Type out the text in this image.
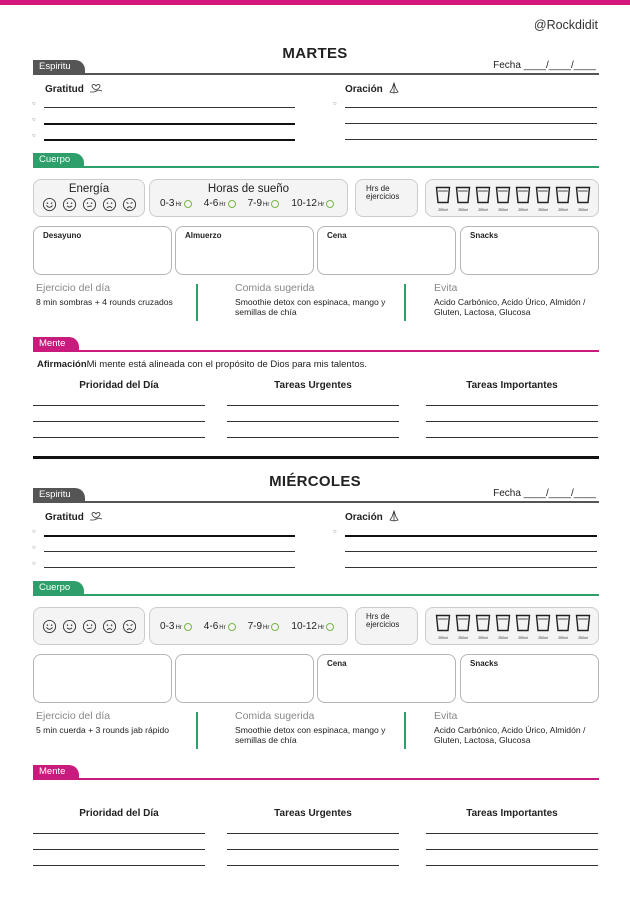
@Rockdidit
MARTES
Fecha ____/____/____
Espiritu
Gratitud	Oración
○
○
○
○
Cuerpo
Energía	Horas de sueño
0-3 Hr 4-6 Hr 7-9 Hr 10-12 Hr
Hrs de ejercicios
250ml	250ml	250ml	250ml	250ml	250ml	250ml	250ml
Desayuno	Almuerzo	Cena	Snacks
Ejercicio del día
8 min sombras + 4 rounds cruzados
Comida sugerida
Smoothie detox con espinaca, mango y semillas de chía
Evita
Acido Carbónico, Acido Úrico, Almidón / Gluten, Lactosa, Glucosa
Mente
AfirmaciónMi mente está alineada con el propósito de Dios para mis talentos.
Prioridad del Día	Tareas Urgentes	Tareas Importantes
MIÉRCOLES
Fecha ____/____/____
Espiritu
Gratitud	Oración
○
○
○
○
Cuerpo
0-3 Hr 4-6 Hr 7-9 Hr 10-12 Hr
Hrs de ejercicios
250ml	250ml	250ml	250ml	250ml	250ml	250ml	250ml
Cena	Snacks
Ejercicio del día
5 min cuerda + 3 rounds jab rápido
Comida sugerida
Smoothie detox con espinaca, mango y semillas de chía
Evita
Acido Carbónico, Acido Úrico, Almidón / Gluten, Lactosa, Glucosa
Mente
Prioridad del Día	Tareas Urgentes	Tareas Importantes
